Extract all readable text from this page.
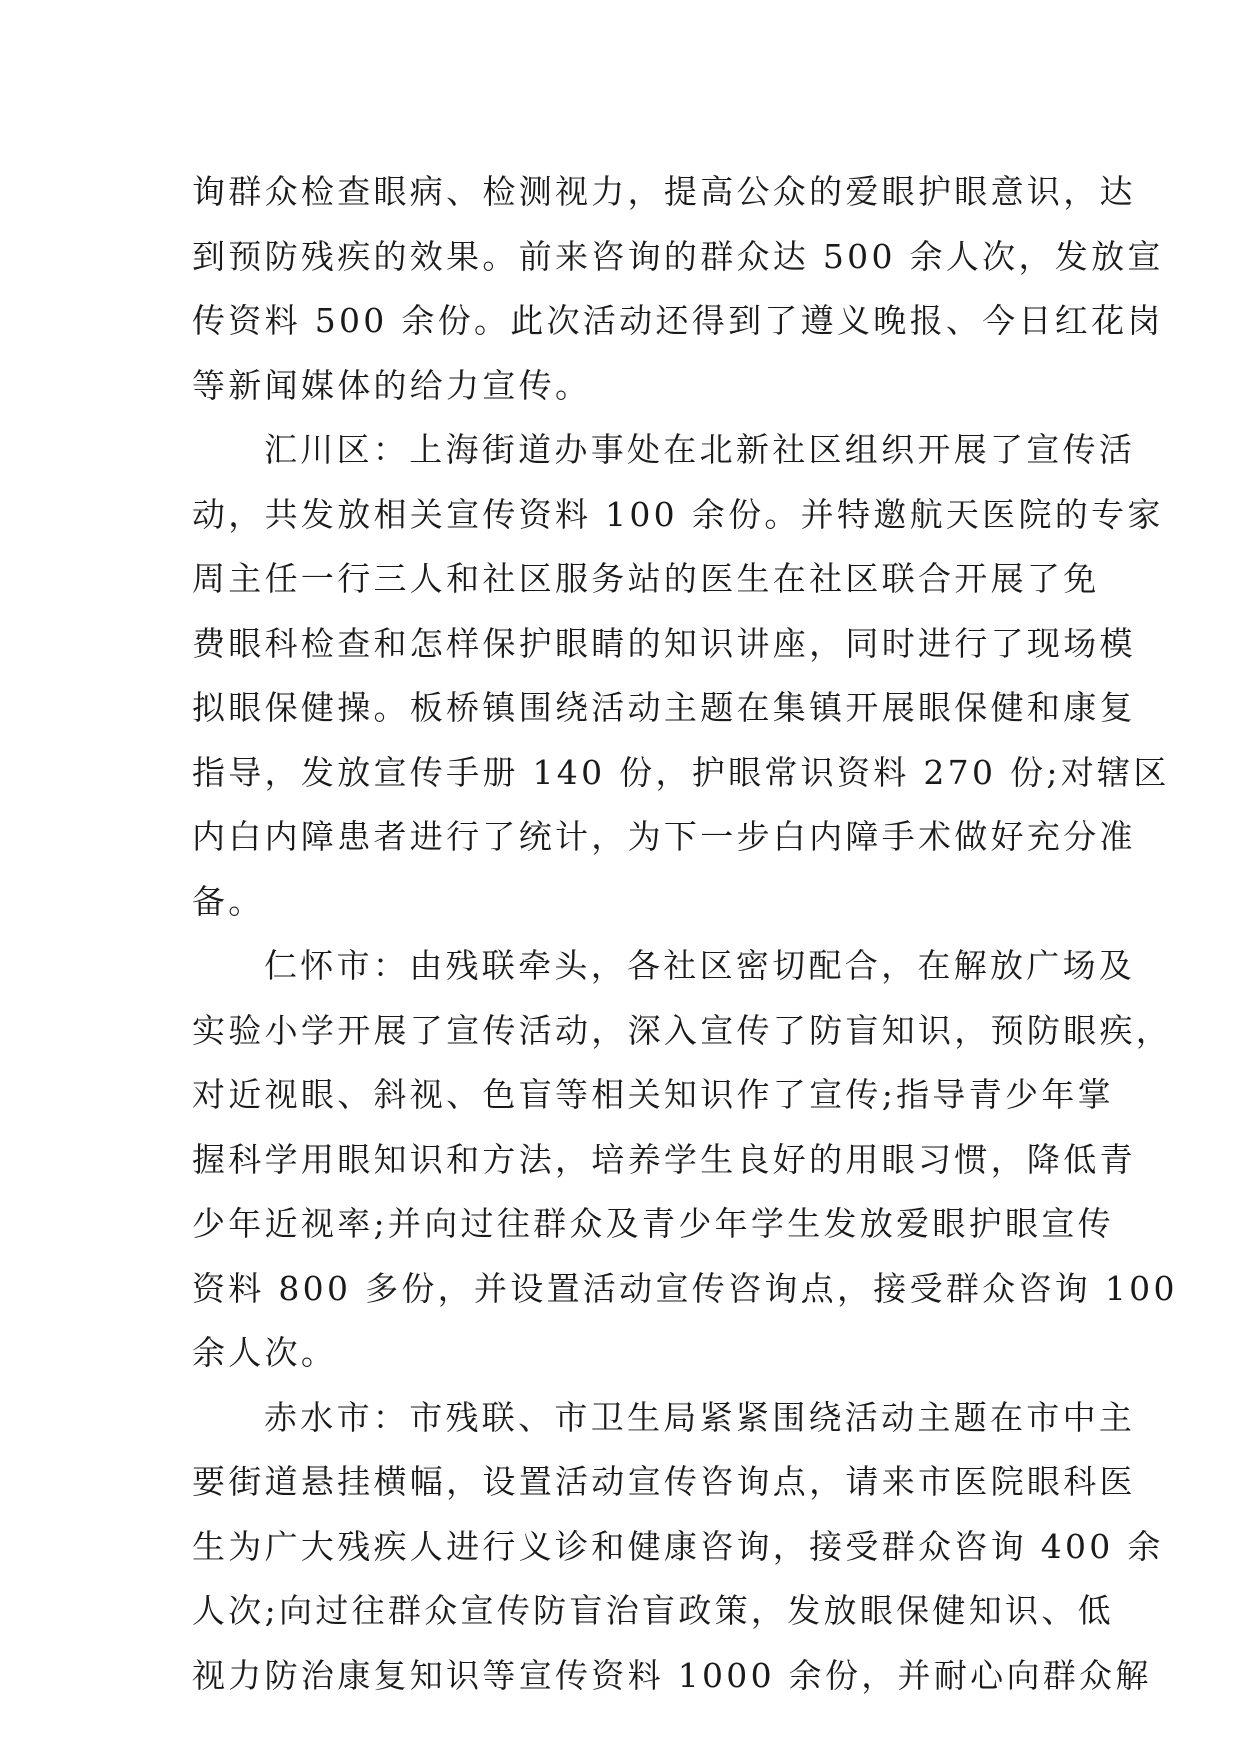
询群众检查眼病、检测视力，提高公众的爱眼护眼意识，达
到预防残疾的效果。前来咨询的群众达 500 余人次，发放宣
传资料 500 余份。此次活动还得到了遵义晚报、今日红花岗
等新闻媒体的给力宣传。
汇川区：上海街道办事处在北新社区组织开展了宣传活
动，共发放相关宣传资料 100 余份。并特邀航天医院的专家
周主任一行三人和社区服务站的医生在社区联合开展了免
费眼科检查和怎样保护眼睛的知识讲座，同时进行了现场模
拟眼保健操。板桥镇围绕活动主题在集镇开展眼保健和康复
指导，发放宣传手册 140 份，护眼常识资料 270 份;对辖区
内白内障患者进行了统计，为下一步白内障手术做好充分准
备。
仁怀市：由残联牵头，各社区密切配合，在解放广场及
实验小学开展了宣传活动，深入宣传了防盲知识，预防眼疾，
对近视眼、斜视、色盲等相关知识作了宣传;指导青少年掌
握科学用眼知识和方法，培养学生良好的用眼习惯，降低青
少年近视率;并向过往群众及青少年学生发放爱眼护眼宣传
资料 800 多份，并设置活动宣传咨询点，接受群众咨询 100
余人次。
赤水市：市残联、市卫生局紧紧围绕活动主题在市中主
要街道悬挂横幅，设置活动宣传咨询点，请来市医院眼科医
生为广大残疾人进行义诊和健康咨询，接受群众咨询 400 余
人次;向过往群众宣传防盲治盲政策，发放眼保健知识、低
视力防治康复知识等宣传资料 1000 余份，并耐心向群众解
